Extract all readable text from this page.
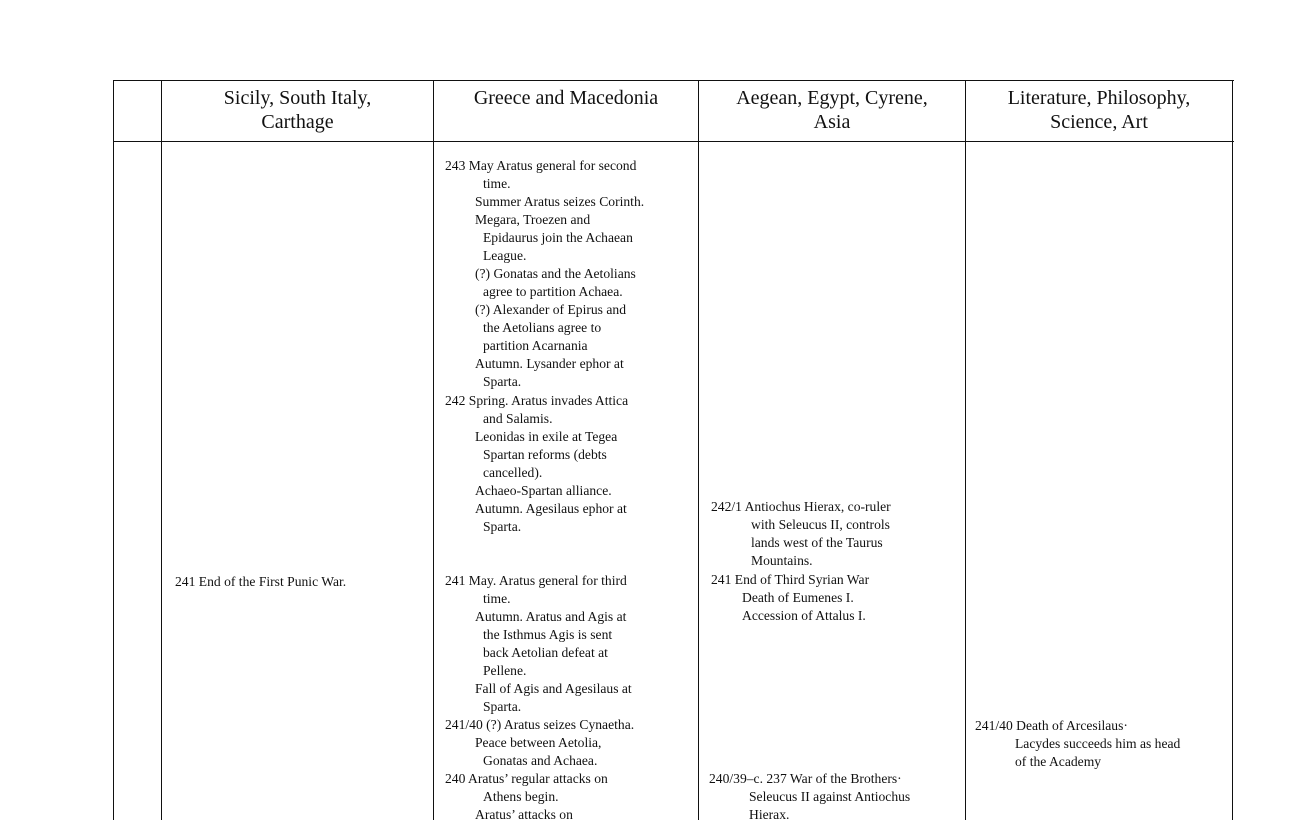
Sicily, South Italy,
Carthage
Greece and Macedonia	Aegean, Egypt, Cyrene,
Asia
Literature, Philosophy,
Science, Art
241 End of the First Punic War.
243 May Aratus general for second
time.
Summer Aratus seizes Corinth.
Megara, Troezen and
Epidaurus join the Achaean
League.
(?) Gonatas and the Aetolians
agree to partition Achaea.
(?) Alexander of Epirus and
the Aetolians agree to
partition Acarnania
Autumn. Lysander ephor at
Sparta.
242 Spring. Aratus invades Attica
and Salamis.
Leonidas in exile at Tegea
Spartan reforms (debts
cancelled).
Achaeo-Spartan alliance.
Autumn. Agesilaus ephor at
Sparta.
241 May. Aratus general for third
time.
Autumn. Aratus and Agis at
the Isthmus Agis is sent
back Aetolian defeat at
Pellene.
Fall of Agis and Agesilaus at
Sparta.
241/40 (?) Aratus seizes Cynaetha.
Peace between Aetolia,
Gonatas and Achaea.
240 Aratus’ regular attacks on
Athens begin.
Aratus’ attacks on
242/1 Antiochus Hierax, co-ruler
with Seleucus II, controls
lands west of the Taurus
Mountains.
241 End of Third Syrian War
Death of Eumenes I.
Accession of Attalus I.
240/39–c. 237 War of the Brothers·
Seleucus II against Antiochus
Hierax.
241/40 Death of Arcesilaus·
Lacydes succeeds him as head
of the Academy
